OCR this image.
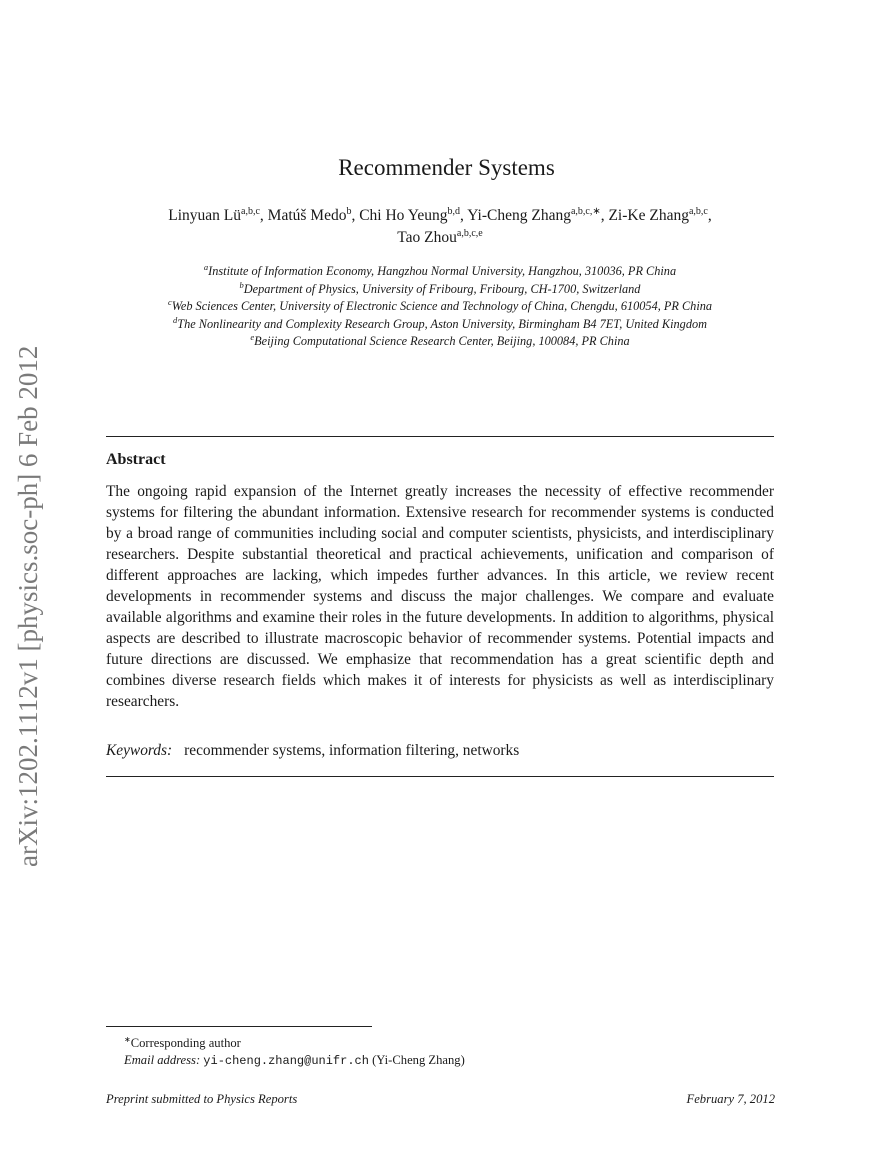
arXiv:1202.1112v1 [physics.soc-ph] 6 Feb 2012
Recommender Systems
Linyuan Lü$^{a,b,c}$, Matúš Medo$^b$, Chi Ho Yeung$^{b,d}$, Yi-Cheng Zhang$^{a,b,c,∗}$, Zi-Ke Zhang$^{a,b,c}$,
Tao Zhou$^{a,b,c,e}$
$^a$Institute of Information Economy, Hangzhou Normal University, Hangzhou, 310036, PR China
$^b$Department of Physics, University of Fribourg, Fribourg, CH-1700, Switzerland
$^c$Web Sciences Center, University of Electronic Science and Technology of China, Chengdu, 610054, PR China
$^d$The Nonlinearity and Complexity Research Group, Aston University, Birmingham B4 7ET, United Kingdom
$^e$Beijing Computational Science Research Center, Beijing, 100084, PR China
Abstract
The ongoing rapid expansion of the Internet greatly increases the necessity of effective recommender systems for filtering the abundant information. Extensive research for recommender systems is conducted by a broad range of communities including social and computer scientists, physicists, and interdisciplinary researchers. Despite substantial theoretical and practical achievements, unification and comparison of different approaches are lacking, which impedes further advances. In this article, we review recent developments in recommender systems and discuss the major challenges. We compare and evaluate available algorithms and examine their roles in the future developments. In addition to algorithms, physical aspects are described to illustrate macroscopic behavior of recommender systems. Potential impacts and future directions are discussed. We emphasize that recommendation has a great scientific depth and combines diverse research fields which makes it of interests for physicists as well as interdisciplinary researchers.
Keywords: recommender systems, information filtering, networks
∗Corresponding author
Email address: yi-cheng.zhang@unifr.ch (Yi-Cheng Zhang)
Preprint submitted to Physics Reports	February 7, 2012
